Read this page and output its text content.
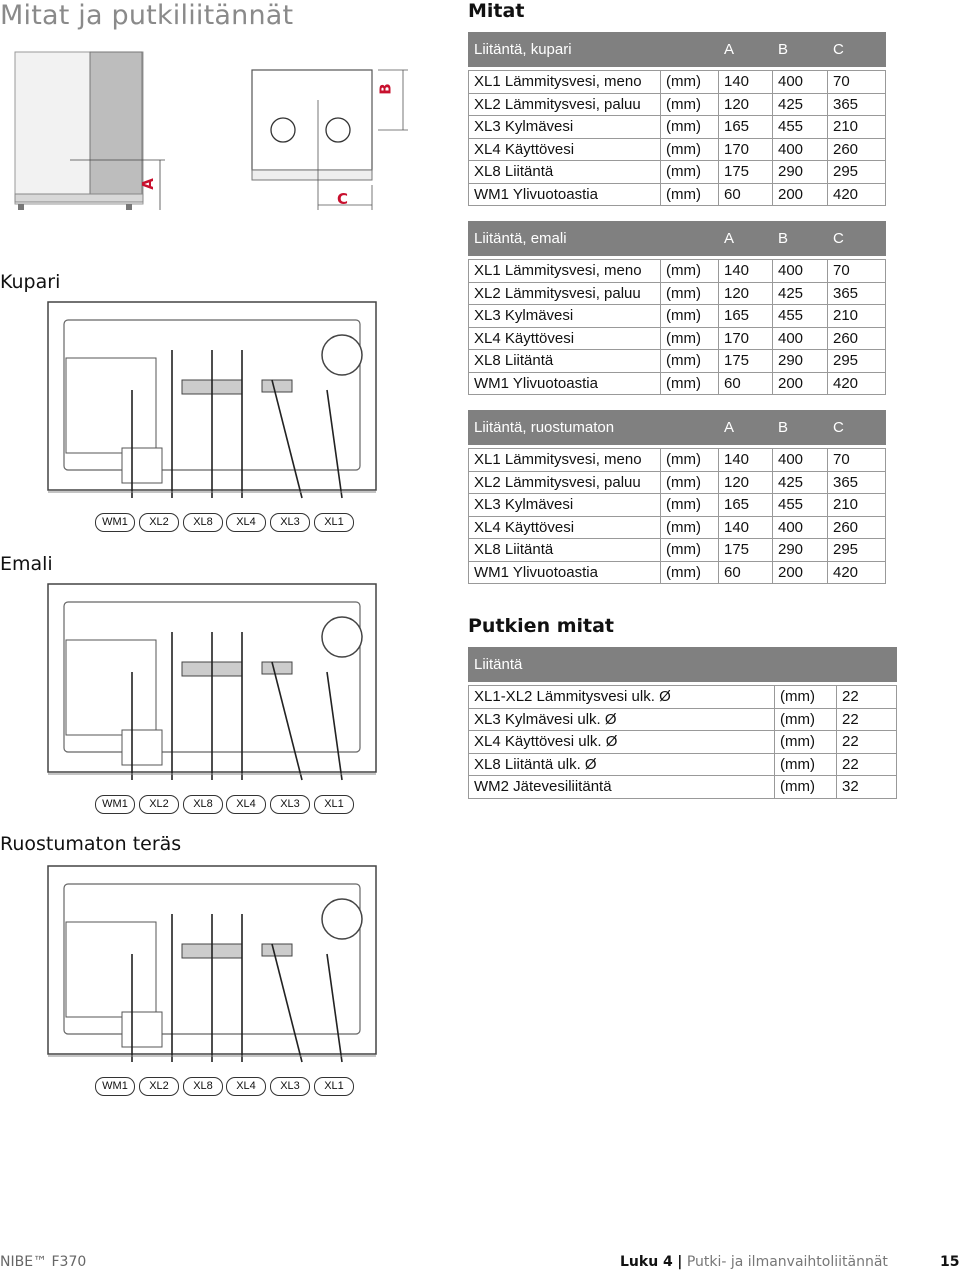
Mitat ja putkiliitännät
A
C
B
Kupari
Emali
Ruostumaton teräs
WM1	XL2	XL8	XL4	XL3	XL1
WM1	XL2	XL8	XL4	XL3	XL1
WM1	XL2	XL8	XL4	XL3	XL1
Mitat
Liitäntä, kupari		A	B	C

XL1 Lämmitysvesi, meno	(mm)	140	400	70
XL2 Lämmitysvesi, paluu	(mm)	120	425	365
XL3 Kylmävesi	(mm)	165	455	210
XL4 Käyttövesi	(mm)	170	400	260
XL8 Liitäntä	(mm)	175	290	295
WM1 Ylivuotoastia	(mm)	60	200	420
Liitäntä, emali		A	B	C

XL1 Lämmitysvesi, meno	(mm)	140	400	70
XL2 Lämmitysvesi, paluu	(mm)	120	425	365
XL3 Kylmävesi	(mm)	165	455	210
XL4 Käyttövesi	(mm)	170	400	260
XL8 Liitäntä	(mm)	175	290	295
WM1 Ylivuotoastia	(mm)	60	200	420
Liitäntä, ruostumaton		A	B	C

XL1 Lämmitysvesi, meno	(mm)	140	400	70
XL2 Lämmitysvesi, paluu	(mm)	120	425	365
XL3 Kylmävesi	(mm)	165	455	210
XL4 Käyttövesi	(mm)	140	400	260
XL8 Liitäntä	(mm)	175	290	295
WM1 Ylivuotoastia	(mm)	60	200	420
Putkien mitat
Liitäntä		

XL1-XL2 Lämmitysvesi ulk. Ø	(mm)	22
XL3 Kylmävesi ulk. Ø	(mm)	22
XL4 Käyttövesi ulk. Ø	(mm)	22
XL8 Liitäntä ulk. Ø	(mm)	22
WM2 Jätevesiliitäntä	(mm)	32
NIBE™ F370	Luku 4 | Putki- ja ilmanvaihtoliitännät	15
